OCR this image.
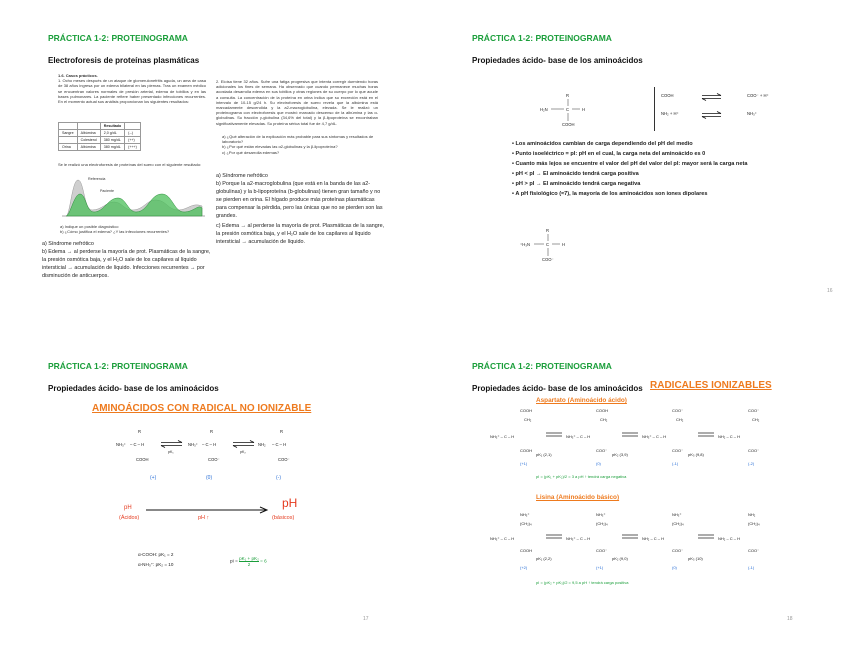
PRÁCTICA 1-2: PROTEINOGRAMA
Electroforesis de proteínas plasmáticas
1.6. Casos prácticos.
1. Ocho meses después de un ataque de glomerulonefritis aguda, un ama de casa de 38 años ingresa por un edema bilateral en las piernas. Tras un examen médico se encuentran valores normales de presión arterial, edema de tobillos y en las bases pulmonares. La paciente refiere haber presentado infecciones recurrentes. En el momento actual sus análisis proporcionan los siguientes resultados:
		Resultado	
Sangre	Albúmina	2,0 g/dL	(--)
	Colesterol	380 mg/dL	(++)
Orina	Albúmina	380 mg/dL	(+++)
Se le realizó una electroforesis de proteínas del suero con el siguiente resultado:
Referencia
Paciente
a) Indique un posible diagnóstico
b) ¿Cómo justifica el edema? ¿Y las infecciones recurrentes?
a) Síndrome nefrótico
b) Edema → al perderse la mayoría de prot. Plasmáticas de la sangre, la presión osmótica baja, y el H₂O sale de los capilares al líquido intersticial → acumulación de líquido. Infecciones recurrentes → por disminución de anticuerpos.
2. Eloísa tiene 32 años. Sufre una fatiga progresiva que intenta corregir durmiendo horas adicionales los fines de semana. Ha observado que cuando permanece muchas horas acostada desarrolla edema en sus tobillos y otras regiones de su cuerpo por lo que acude a consulta. La concentración de la proteína en orina indica que su excreción está en el intervalo de 10-15 g/24 h. Su electroforesis de suero revela que la albúmina está marcadamente descendida y la a2-macroglobulina, elevada. Se le realizó un proteinograma con electroforesis que mostró marcado descenso de la albúmina y las α-globulinas. Su fracción γ-globulina (34,6% del total) y la β-lipoproteína se encontraban significativamente elevadas. Su proteína sérica total fue de 4,7 g/dL.
a) ¿Qué alteración de la explicación más probable para sus síntomas y resultados de laboratorio?
b) ¿Por qué están elevadas las α2-globulinas y la β-lipoproteína?
c) ¿Por qué desarrolla edemas?
a) Síndrome nefrótico
b) Porque la a2-macroglobulina (que está en la banda de las a2-globulinas) y la b-lipoproteína (b-globulinas) tienen gran tamaño y no se pierden en orina. El hígado produce más proteínas plasmáticas para compensar la pérdida, pero las únicas que no se pierden son las grandes.
c) Edema → al perderse la mayoría de prot. Plasmáticas de la sangre, la presión osmótica baja, y el H₂O sale de los capilares al líquido intersticial → acumulación de líquido.
PRÁCTICA 1-2: PROTEINOGRAMA
Propiedades ácido- base de los aminoácidos
R
H₂N	C	H
COOH
COOH ⇌	COO⁻ + H⁺
NH₂ + H⁺ ⇌	NH₃⁺
• Los aminoácidos cambian de carga dependiendo del pH del medio
• Punto isoeléctrico = pI: pH en el cual, la carga neta del aminoácido es 0
• Cuanto más lejos se encuentre el valor del pH del valor del pI: mayor será la carga neta
• pH < pI → El aminoácido tendrá carga positiva
• pH > pI → El aminoácido tendrá carga negativa
• A pH fisiológico (≈7), la mayoría de los aminoácidos son iones dipolares
R
⁺H₃N	C	H
COO⁻
16
PRÁCTICA 1-2: PROTEINOGRAMA
Propiedades ácido- base de los aminoácidos
AMINOÁCIDOS CON RADICAL NO IONIZABLE
R
NH₃⁺ – C – H
COOH
pK₁
R
NH₃⁺ – C – H
COO⁻
pK₂
R
NH₂ – C – H
COO⁻
(+)	(0)	(-)
pH
(Ácidos)	pH ↑
pH
(básicos)
α-COOH: pK₁ = 2
α-NH₃⁺: pK₂ = 10
pI = $\frac{\text{pK₁ + pK₂}}{2} = 6$
17
PRÁCTICA 1-2: PROTEINOGRAMA
Propiedades ácido- base de los aminoácidos RADICALES IONIZABLES
Aspartato (Aminoácido ácido)
COOH
CH₂
NH₃⁺ – C – H
COOH
COOH
CH₂
NH₃⁺ – C – H
COO⁻
COO⁻
CH₂
NH₃⁺ – C – H
COO⁻
COO⁻
CH₂
NH₂ – C – H
COO⁻
pK₁ (2,1)	pK₂ (3,9)	pK₃ (9,8)
(+1)	(0)	(-1)	(-2)
pI = (pK₁ + pK₂)/2 = 3 a pH ↑ tendrá carga negativa
Lisina (Aminoácido básico)
NH₃⁺
(CH₂)₄
NH₃⁺ – C – H
COOH
NH₃⁺
(CH₂)₄
NH₃⁺ – C – H
COO⁻
NH₃⁺
(CH₂)₄
NH₂ – C – H
COO⁻
NH₂
(CH₂)₄
NH₂ – C – H
COO⁻
pK₁ (2,2)	pK₂ (9,0)	pK₃ (10)
(+2)	(+1)	(0)	(-1)
pI = (pK₂ + pK₃)/2 = 9,5 a pH ↑ tendrá carga positiva
18
